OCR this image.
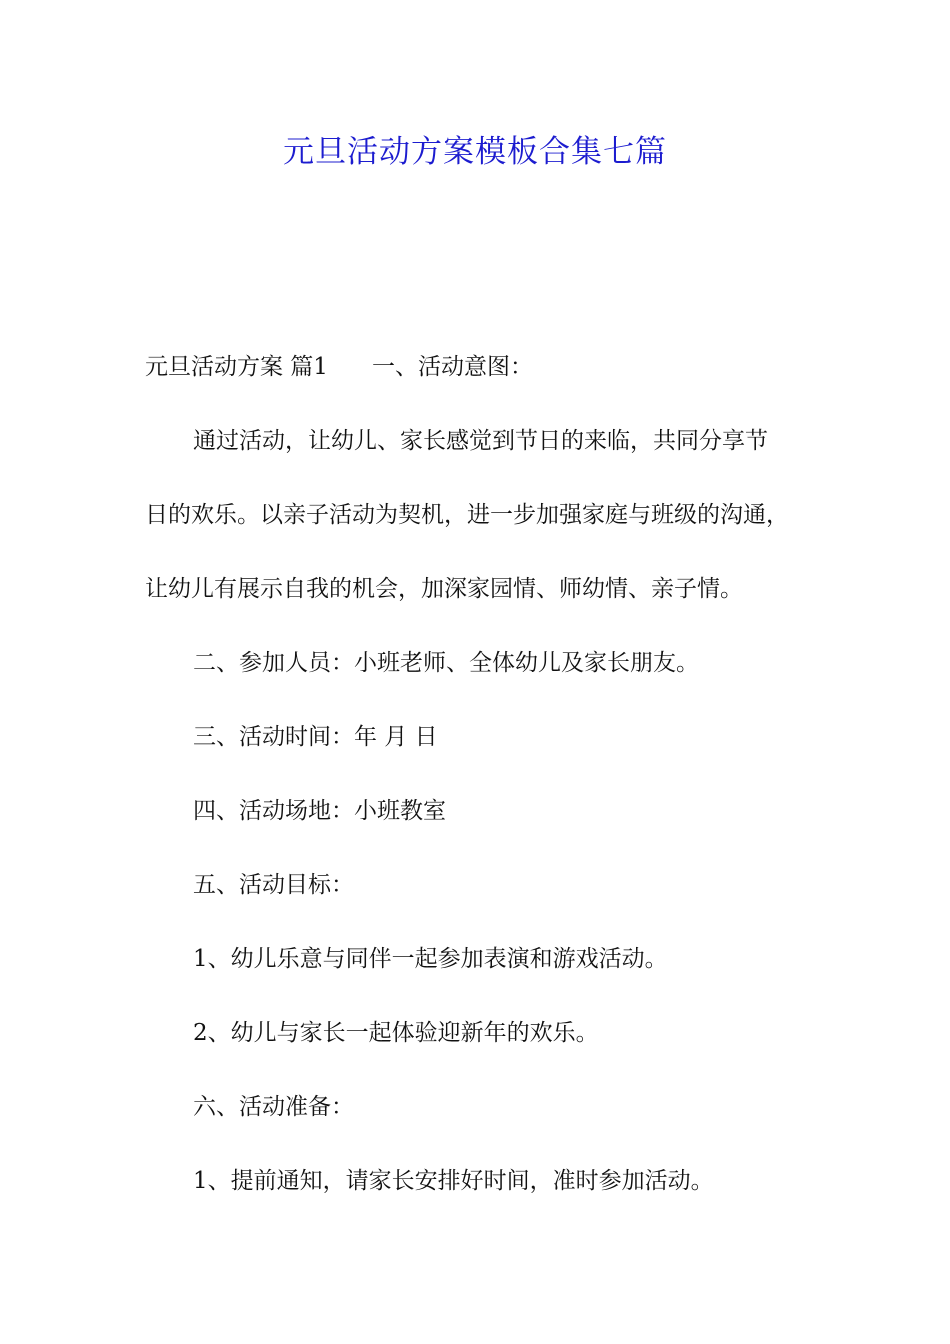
元旦活动方案模板合集七篇
元旦活动方案 篇1 一、活动意图：
通过活动，让幼儿、家长感觉到节日的来临，共同分享节
日的欢乐。以亲子活动为契机，进一步加强家庭与班级的沟通，
让幼儿有展示自我的机会，加深家园情、师幼情、亲子情。
二、参加人员：小班老师、全体幼儿及家长朋友。
三、活动时间：年 月 日
四、活动场地：小班教室
五、活动目标：
1、幼儿乐意与同伴一起参加表演和游戏活动。
2、幼儿与家长一起体验迎新年的欢乐。
六、活动准备：
1、提前通知，请家长安排好时间，准时参加活动。
